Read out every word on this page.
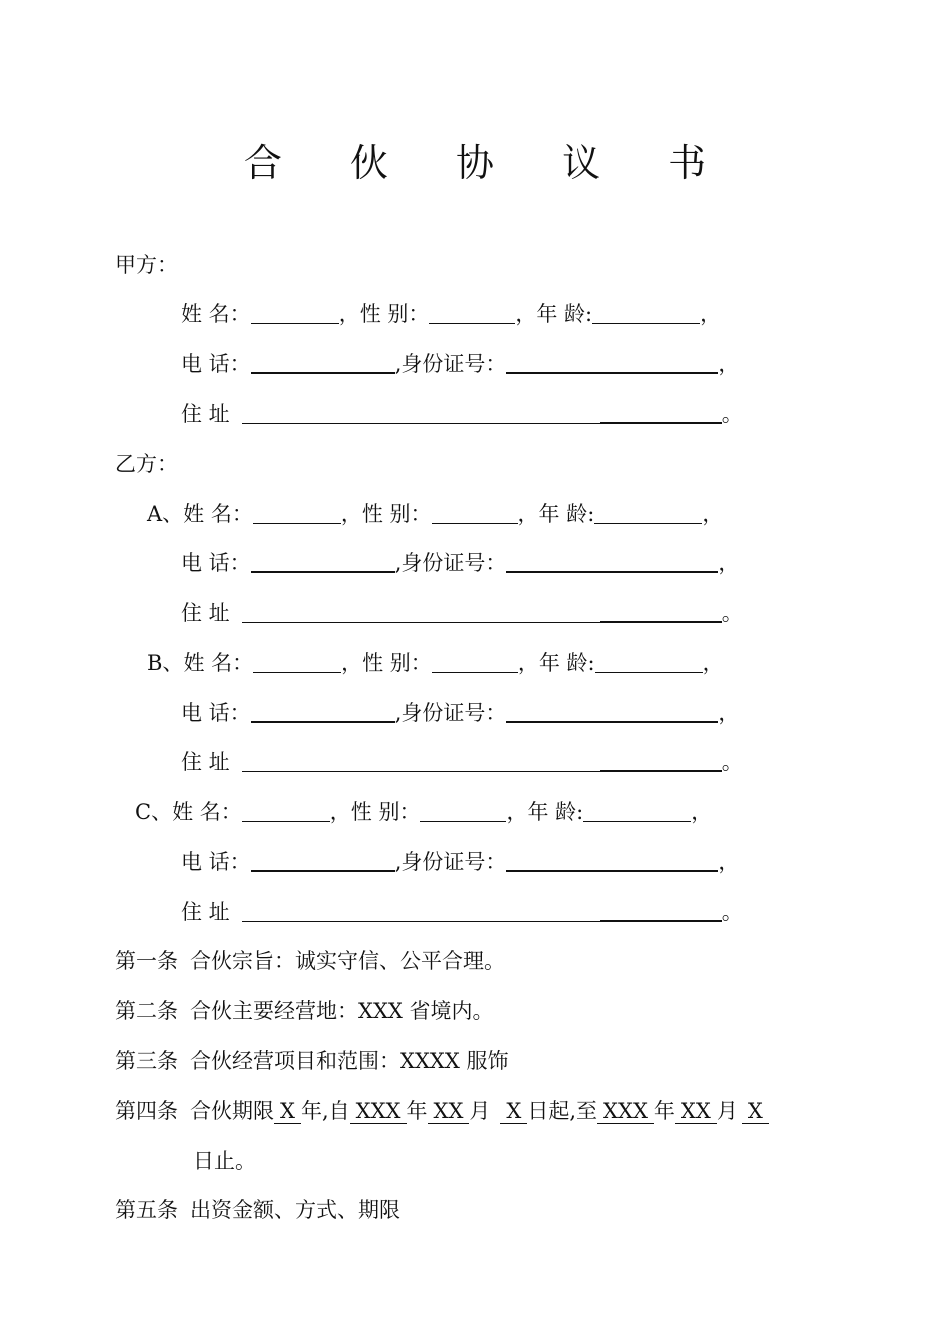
合 伙 协 议 书
甲方：
姓 名：	，性 别：	，年 龄:	，
电 话：	,身份证号：	，
住 址	。
乙方：
A、姓 名：	，性 别：	，年 龄:	，
电 话：	,身份证号：	，
住 址	。
B、姓 名：	，性 别：	，年 龄:	，
电 话：	,身份证号：	，
住 址	。
C、姓 名：	，性 别：	，年 龄:	，
电 话：	,身份证号：	，
住 址	。
第一条 合伙宗旨：诚实守信、公平合理。
第二条 合伙主要经营地：XXX 省境内。
第三条 合伙经营项目和范围：XXXX 服饰
第四条 合伙期限 X 年,自 XXX 年 XX 月 X 日起,至 XXX 年 XX 月 X
日止。
第五条 出资金额、方式、期限
